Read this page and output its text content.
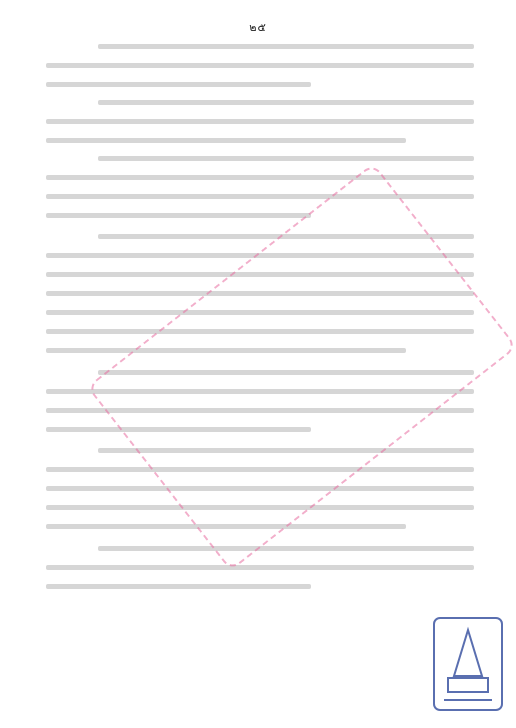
๒๕
